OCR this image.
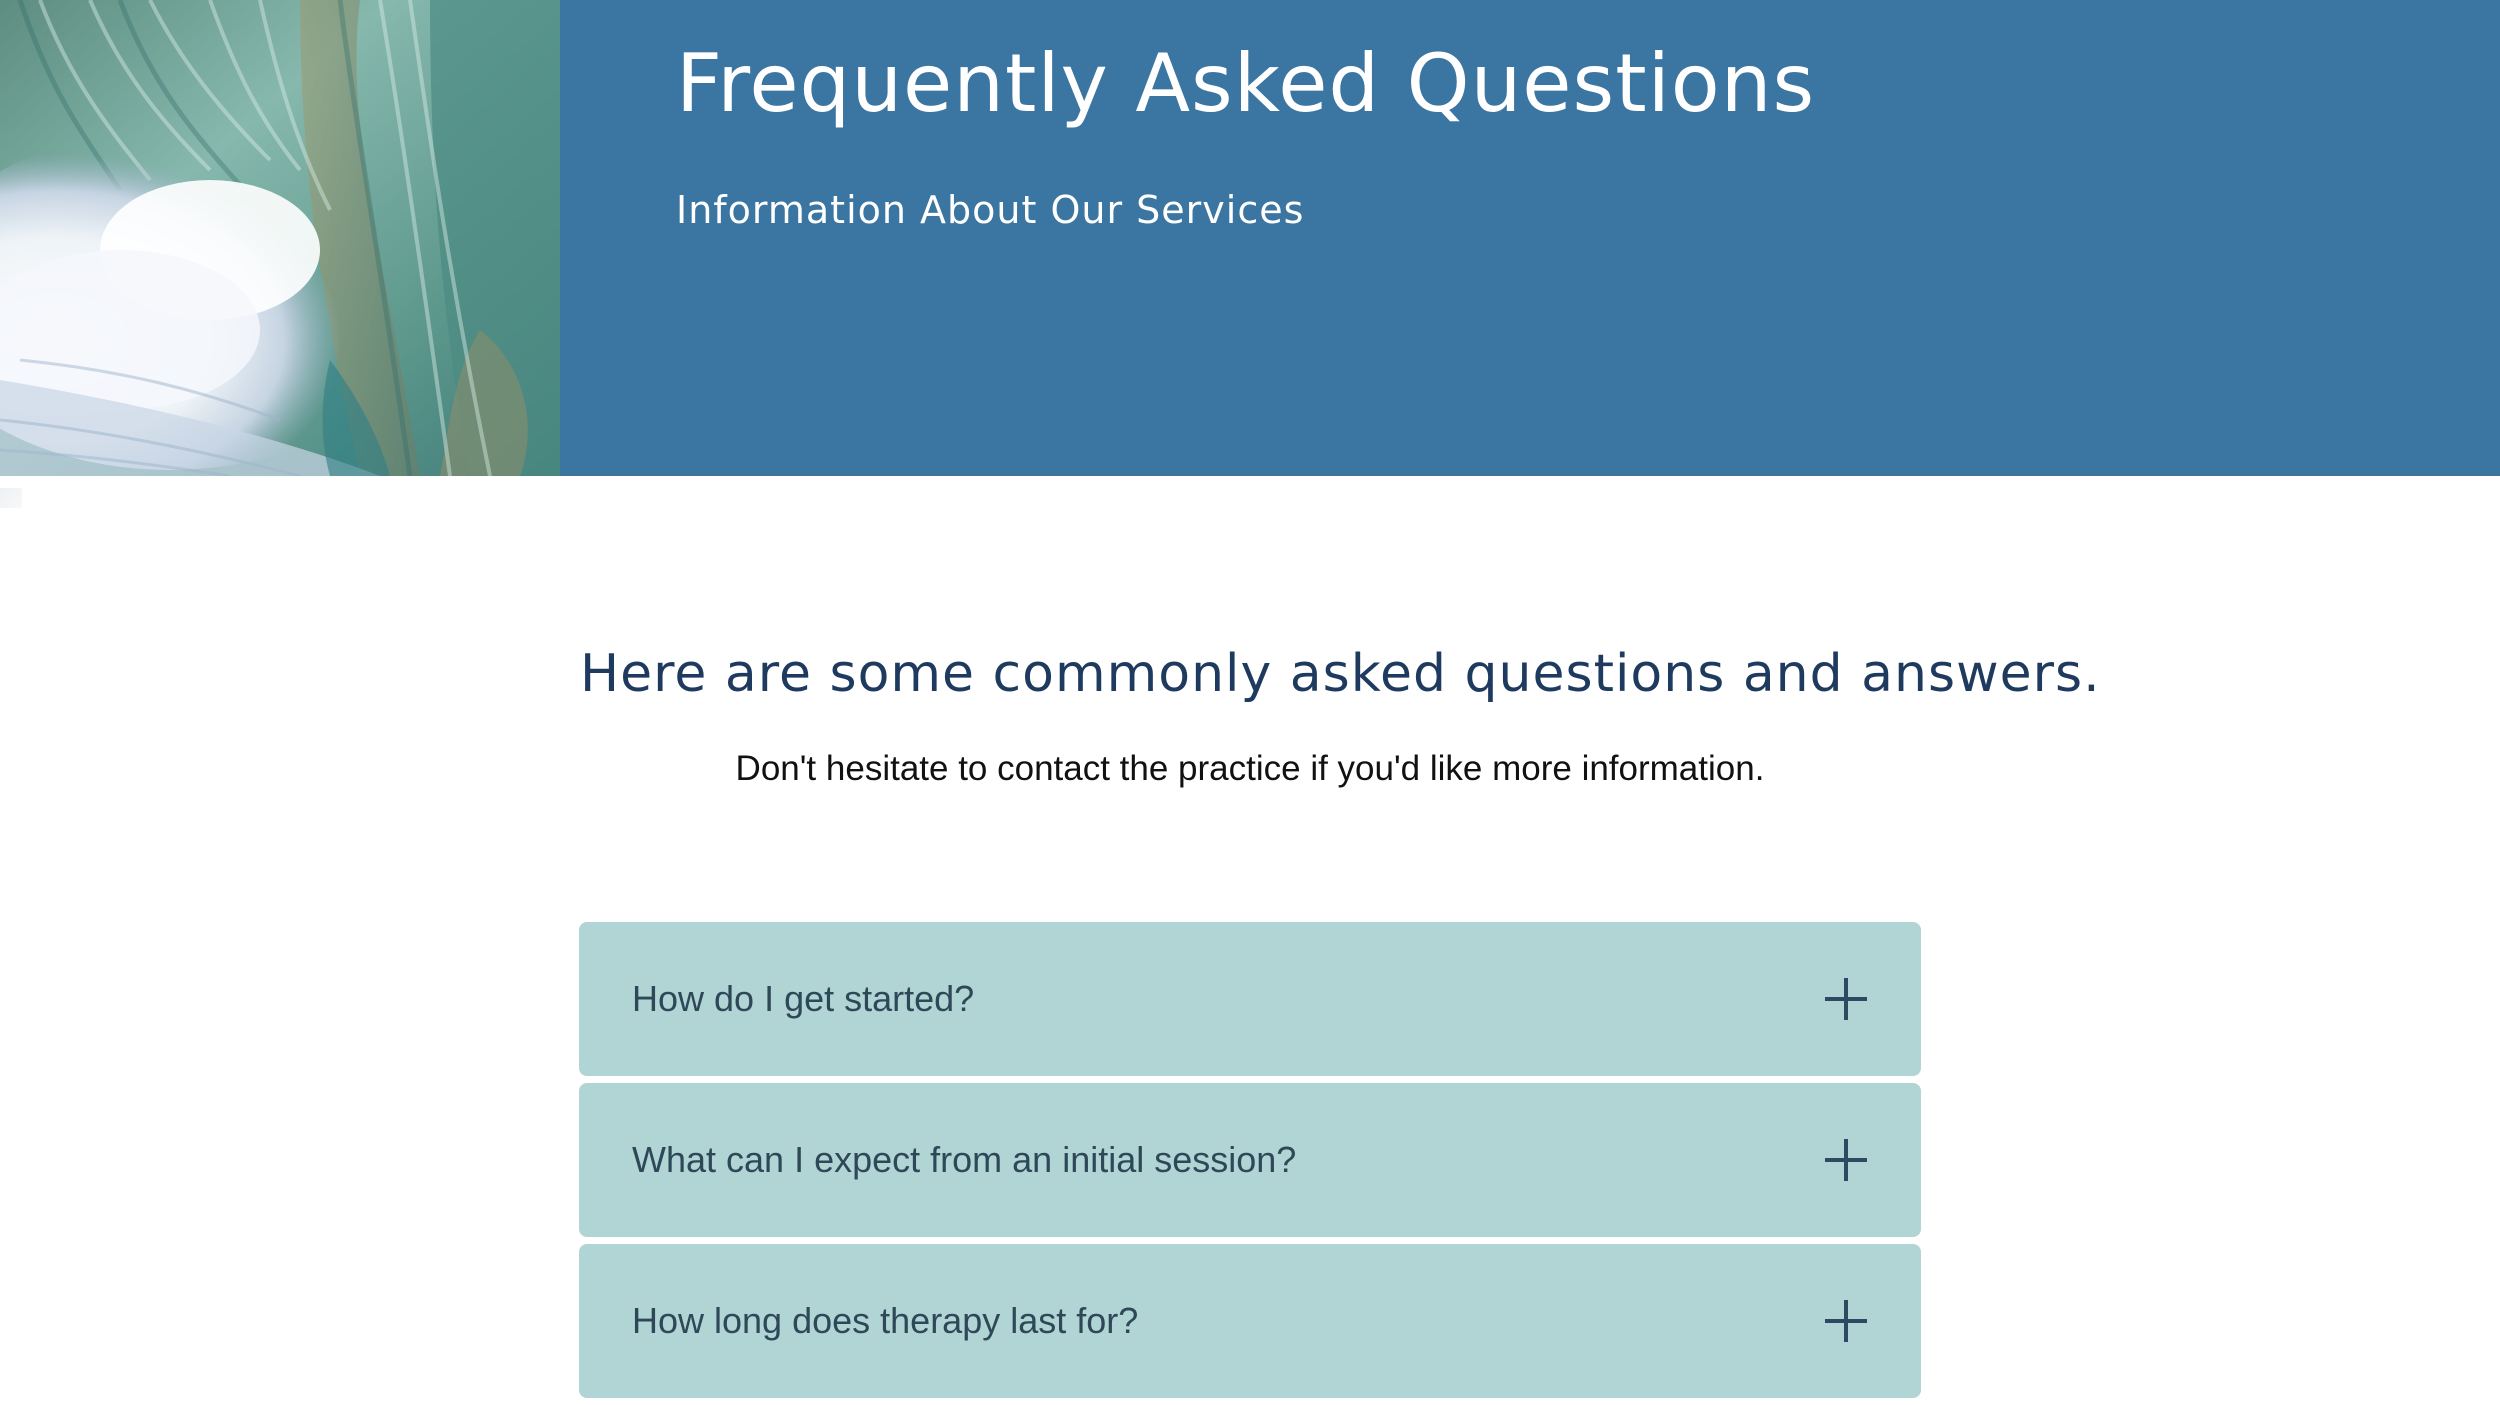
Frequently Asked Questions

Information About Our Services

Here are some commonly asked questions and answers.

Don't hesitate to contact the practice if you'd like more information.

How do I get started?
What can I expect from an initial session?
How long does therapy last for?
